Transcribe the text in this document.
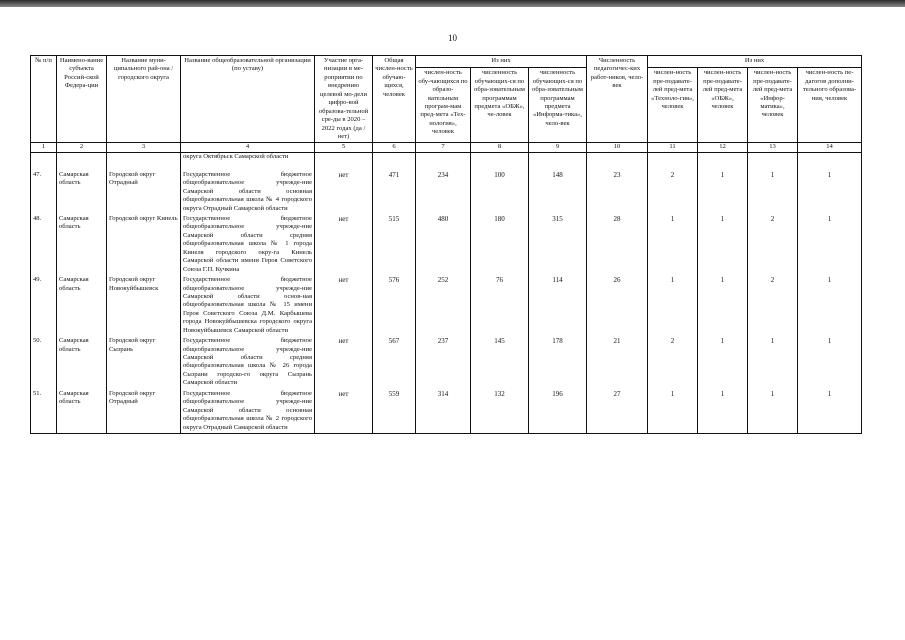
10
№ п/п	Наимено-вание субъекта Россий-ской Федера-ции	Название муни-ципального рай-она / городского округа	Название общеобразовательной организации (по уставу)	Участие орга-низации в ме-роприятии по внедрению целевой мо-дели цифро-вой образова-тельной сре-ды в 2020 – 2022 годах (да / нет)	Общая числен-ность обучаю-щихся, человек	Из них			Численность педагогичес-ких работ-ников, чело-век	Из них			
						числен-ность обу-чающихся по образо-вательным програм-мам пред-мета «Тех-нология», человек	численность обучающих-ся по обра-зовательным программам предмета «ОБЖ», че-ловек	численность обучающих-ся по обра-зовательным программам предмета «Информа-тика», чело-век		числен-ность пре-подавате-лей пред-мета «Техноло-гия», человек	числен-ность пре-подавате-лей пред-мета «ОБЖ», человек	числен-ность пре-подавате-лей пред-мета «Инфор-матика», человек	числен-ность пе-дагогов дополни-тельного образова-ния, человек
1	2	3	4	5	6	7	8	9	10	11	12	13	14
			округа Октябрьск Самарской области										
47.	Самарская область	Городской округ Отрадный	Государственное бюджетное общеобразовательное учрежде-ние Самарской области основная общеобразовательная школа № 4 городского округа Отрадный Самарской области	нет	471	234	100	148	23	2	1	1	1
48.	Самарская область	Городской округ Кинель	Государственное бюджетное общеобразовательное учрежде-ние Самарской области средняя общеобразовательная школа № 1 города Кинеля городского окру-га Кинель Самарской области имени Героя Советского Союза Г.П. Кучкина	нет	515	480	180	315	28	1	1	2	1
49.	Самарская область	Городской округ Новокуйбышевск	Государственное бюджетное общеобразовательное учрежде-ние Самарской области основ-ная общеобразовательная школа № 15 имени Героя Советского Союза Д.М. Карбышева города Новокуйбышевска городского округа Новокуйбышевск Самарской области	нет	576	252	76	114	26	1	1	2	1
50.	Самарская область	Городской округ Сызрань	Государственное бюджетное общеобразовательное учрежде-ние Самарской области средняя общеобразовательная школа № 26 города Сызрани городско-го округа Сызрань Самарской области	нет	567	237	145	178	21	2	1	1	1
51.	Самарская область	Городской округ Отрадный	Государственное бюджетное общеобразовательное учрежде-ние Самарской области основная общеобразовательная школа № 2 городского округа Отрадный Самарской области	нет	559	314	132	196	27	1	1	1	1
